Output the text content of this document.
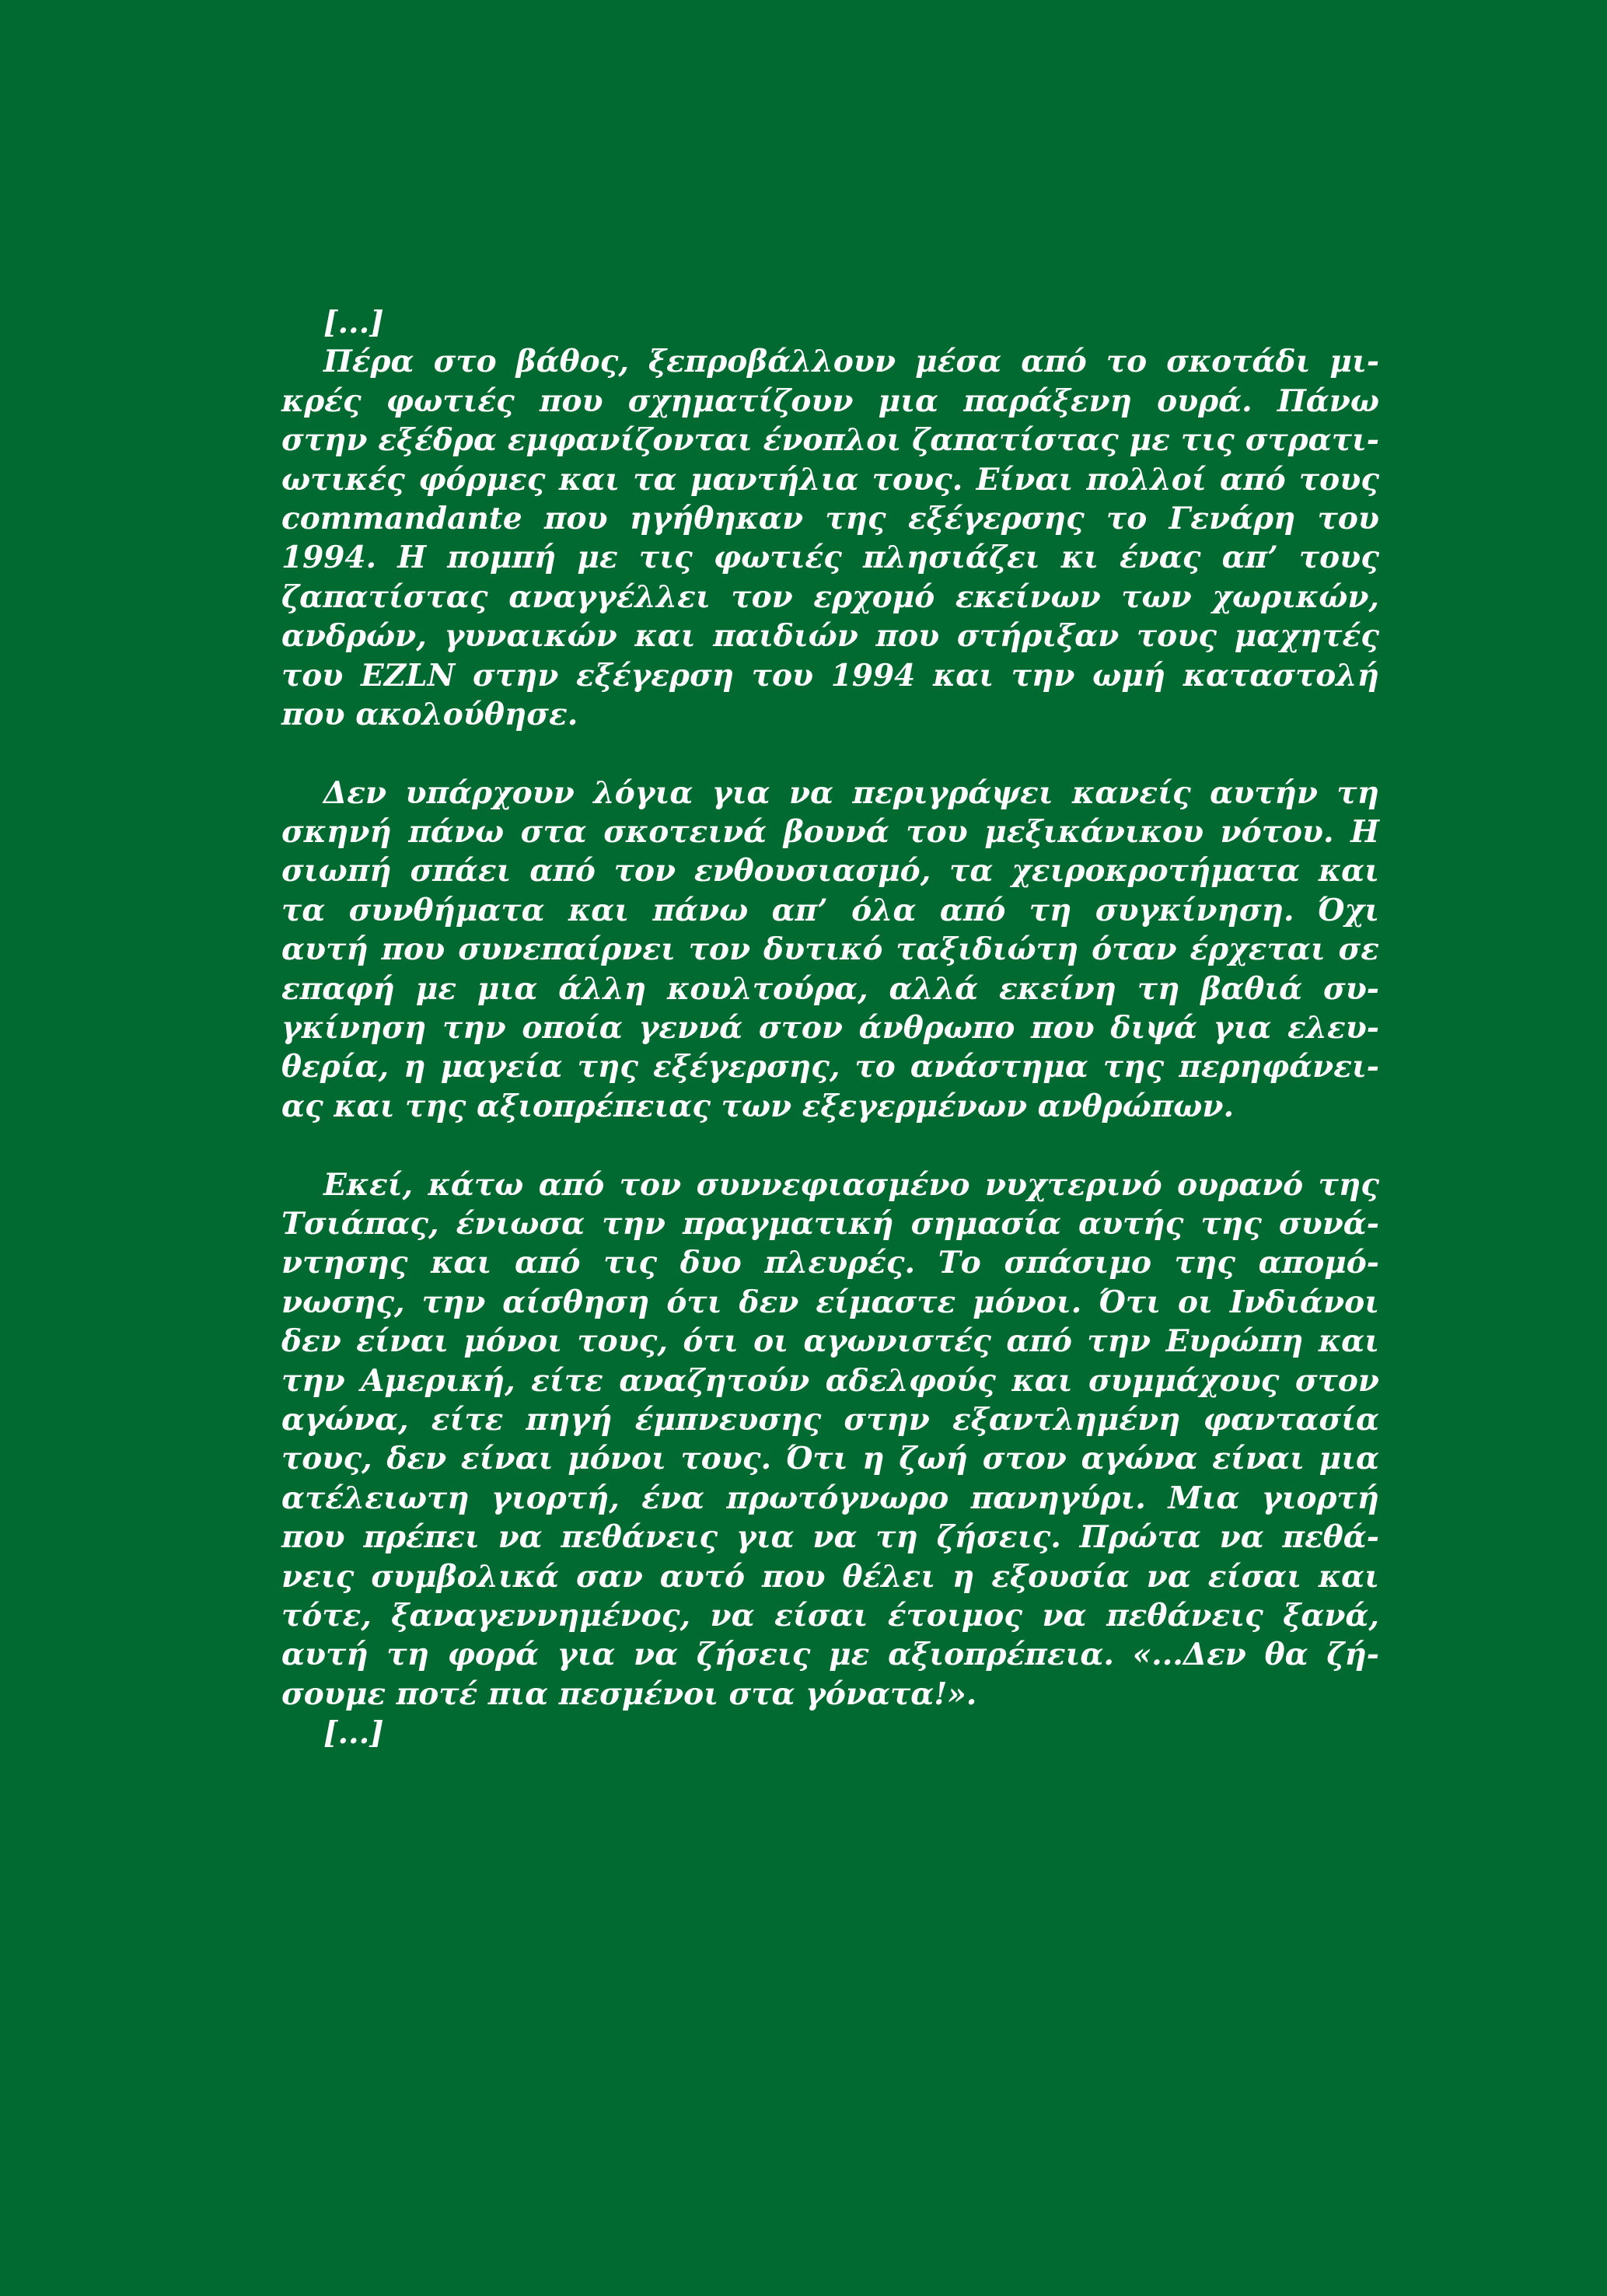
[...]
Πέρα στο βάθος, ξεπροβάλλουν μέσα από το σκοτάδι μι-
κρές φωτιές που σχηματίζουν μια παράξενη ουρά. Πάνω
στην εξέδρα εμφανίζονται ένοπλοι ζαπατίστας με τις στρατι-
ωτικές φόρμες και τα μαντήλια τους. Είναι πολλοί από τους
commandante που ηγήθηκαν της εξέγερσης το Γενάρη του
1994. Η πομπή με τις φωτιές πλησιάζει κι ένας απ’ τους
ζαπατίστας αναγγέλλει τον ερχομό εκείνων των χωρικών,
ανδρών, γυναικών και παιδιών που στήριξαν τους μαχητές
του EZLN στην εξέγερση του 1994 και την ωμή καταστολή
που ακολούθησε.
Δεν υπάρχουν λόγια για να περιγράψει κανείς αυτήν τη
σκηνή πάνω στα σκοτεινά βουνά του μεξικάνικου νότου. Η
σιωπή σπάει από τον ενθουσιασμό, τα χειροκροτήματα και
τα συνθήματα και πάνω απ’ όλα από τη συγκίνηση. Όχι
αυτή που συνεπαίρνει τον δυτικό ταξιδιώτη όταν έρχεται σε
επαφή με μια άλλη κουλτούρα, αλλά εκείνη τη βαθιά συ-
γκίνηση την οποία γεννά στον άνθρωπο που διψά για ελευ-
θερία, η μαγεία της εξέγερσης, το ανάστημα της περηφάνει-
ας και της αξιοπρέπειας των εξεγερμένων ανθρώπων.
Εκεί, κάτω από τον συννεφιασμένο νυχτερινό ουρανό της
Τσιάπας, ένιωσα την πραγματική σημασία αυτής της συνά-
ντησης και από τις δυο πλευρές. Το σπάσιμο της απομό-
νωσης, την αίσθηση ότι δεν είμαστε μόνοι. Ότι οι Ινδιάνοι
δεν είναι μόνοι τους, ότι οι αγωνιστές από την Ευρώπη και
την Αμερική, είτε αναζητούν αδελφούς και συμμάχους στον
αγώνα, είτε πηγή έμπνευσης στην εξαντλημένη φαντασία
τους, δεν είναι μόνοι τους. Ότι η ζωή στον αγώνα είναι μια
ατέλειωτη γιορτή, ένα πρωτόγνωρο πανηγύρι. Μια γιορτή
που πρέπει να πεθάνεις για να τη ζήσεις. Πρώτα να πεθά-
νεις συμβολικά σαν αυτό που θέλει η εξουσία να είσαι και
τότε, ξαναγεννημένος, να είσαι έτοιμος να πεθάνεις ξανά,
αυτή τη φορά για να ζήσεις με αξιοπρέπεια. «...Δεν θα ζή-
σουμε ποτέ πια πεσμένοι στα γόνατα!».
[...]
